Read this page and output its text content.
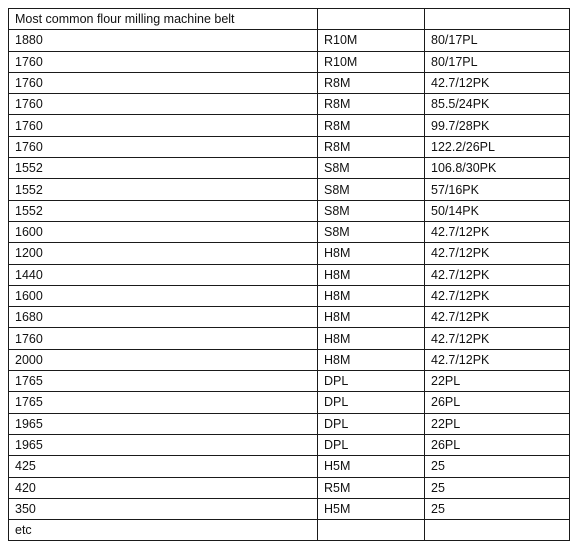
Most common flour milling machine belt		
1880	R10M	80/17PL
1760	R10M	80/17PL
1760	R8M	42.7/12PK
1760	R8M	85.5/24PK
1760	R8M	99.7/28PK
1760	R8M	122.2/26PL
1552	S8M	106.8/30PK
1552	S8M	57/16PK
1552	S8M	50/14PK
1600	S8M	42.7/12PK
1200	H8M	42.7/12PK
1440	H8M	42.7/12PK
1600	H8M	42.7/12PK
1680	H8M	42.7/12PK
1760	H8M	42.7/12PK
2000	H8M	42.7/12PK
1765	DPL	22PL
1765	DPL	26PL
1965	DPL	22PL
1965	DPL	26PL
425	H5M	25
420	R5M	25
350	H5M	25
etc		
